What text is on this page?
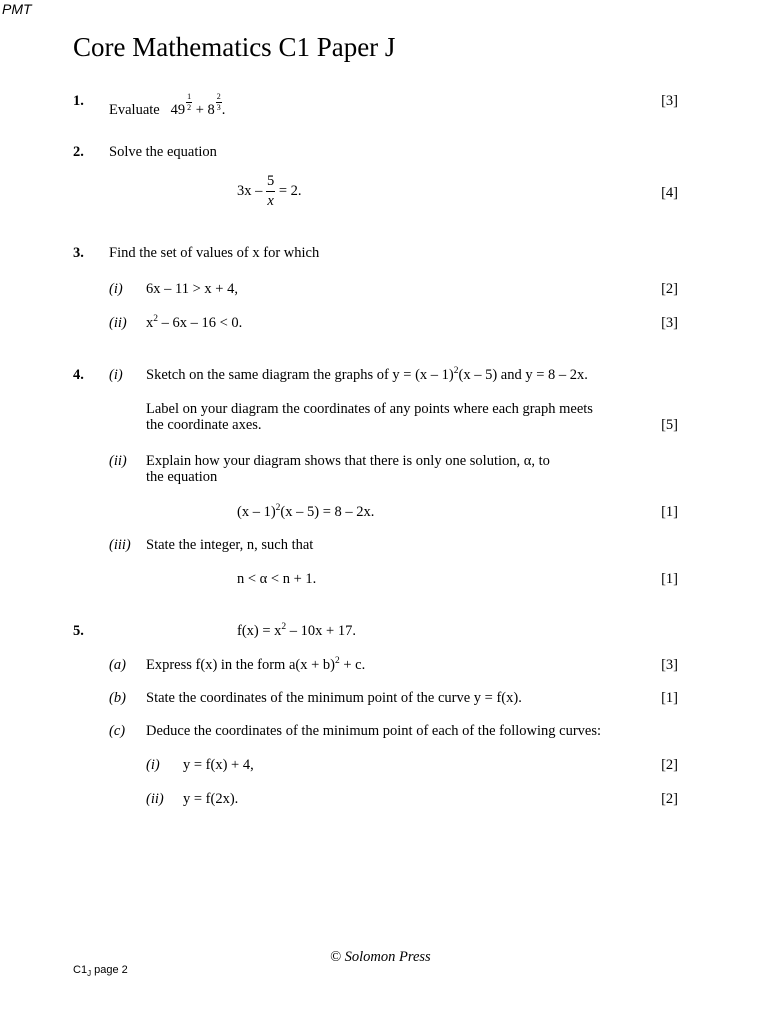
PMT
Core Mathematics C1 Paper J
1.
Evaluate $49 \frac{1}{2} + 8 \frac{2}{3}$ .
[3]
2. Solve the equation
$3x - \frac{5}{x} = 2$.	[4]
3. Find the set of values of x for which
(i) 6x – 11 > x + 4,	[2]
(ii) $x^2 - 6x - 16 < 0$.	[3]
4. (i) Sketch on the same diagram the graphs of y = (x – 1)$^2$(x – 5) and y = 8 – 2x.
Label on your diagram the coordinates of any points where each graph meets
the coordinate axes.	[5]
(ii) Explain how your diagram shows that there is only one solution, α, to
the equation
(x – 1)$^2$(x – 5) = 8 – 2x.	[1]
(iii) State the integer, n, such that
n < α < n + 1.	[1]
5.	$f(x) = x^2 - 10x + 17$.
(a) Express f(x) in the form $a(x + b)^2 + c$.	[3]
(b) State the coordinates of the minimum point of the curve y = f(x).	[1]
(c) Deduce the coordinates of the minimum point of each of the following curves:
(i) y = f(x) + 4,	[2]
(ii) y = f(2x).	[2]
© Solomon Press
$C1_J$ page 2
